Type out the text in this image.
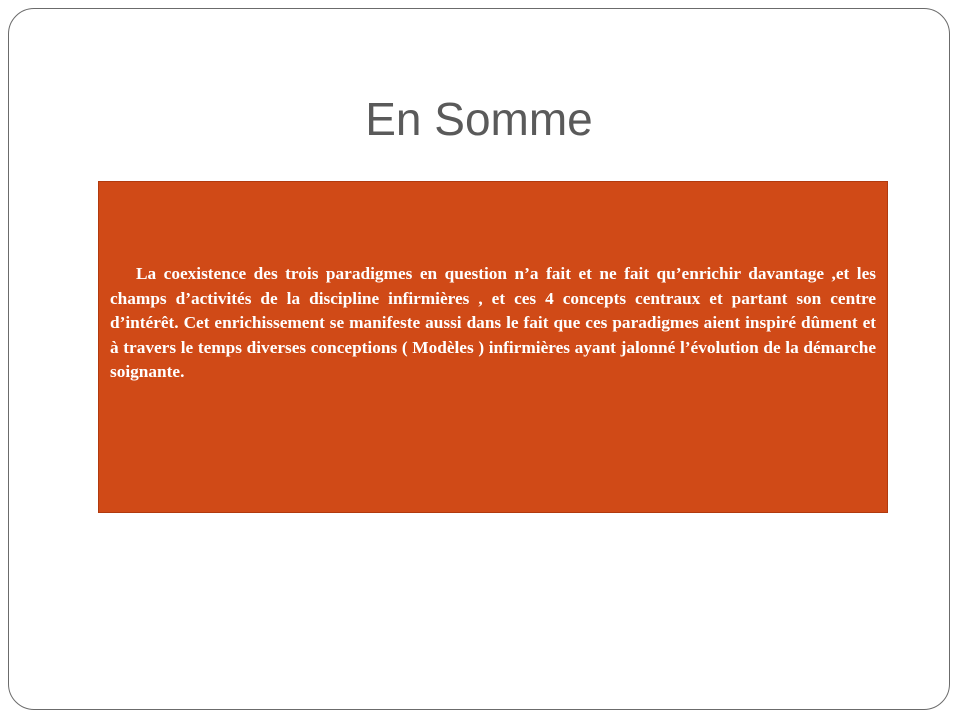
En Somme

La coexistence des trois paradigmes en question n’a fait et ne fait qu’enrichir davantage ,et les champs d’activités de la discipline infirmières , et ces 4 concepts centraux et partant son centre d’intérêt. Cet enrichissement se manifeste aussi dans le fait que ces paradigmes aient inspiré dûment et à travers le temps diverses conceptions ( Modèles ) infirmières ayant jalonné l’évolution de la démarche soignante.
